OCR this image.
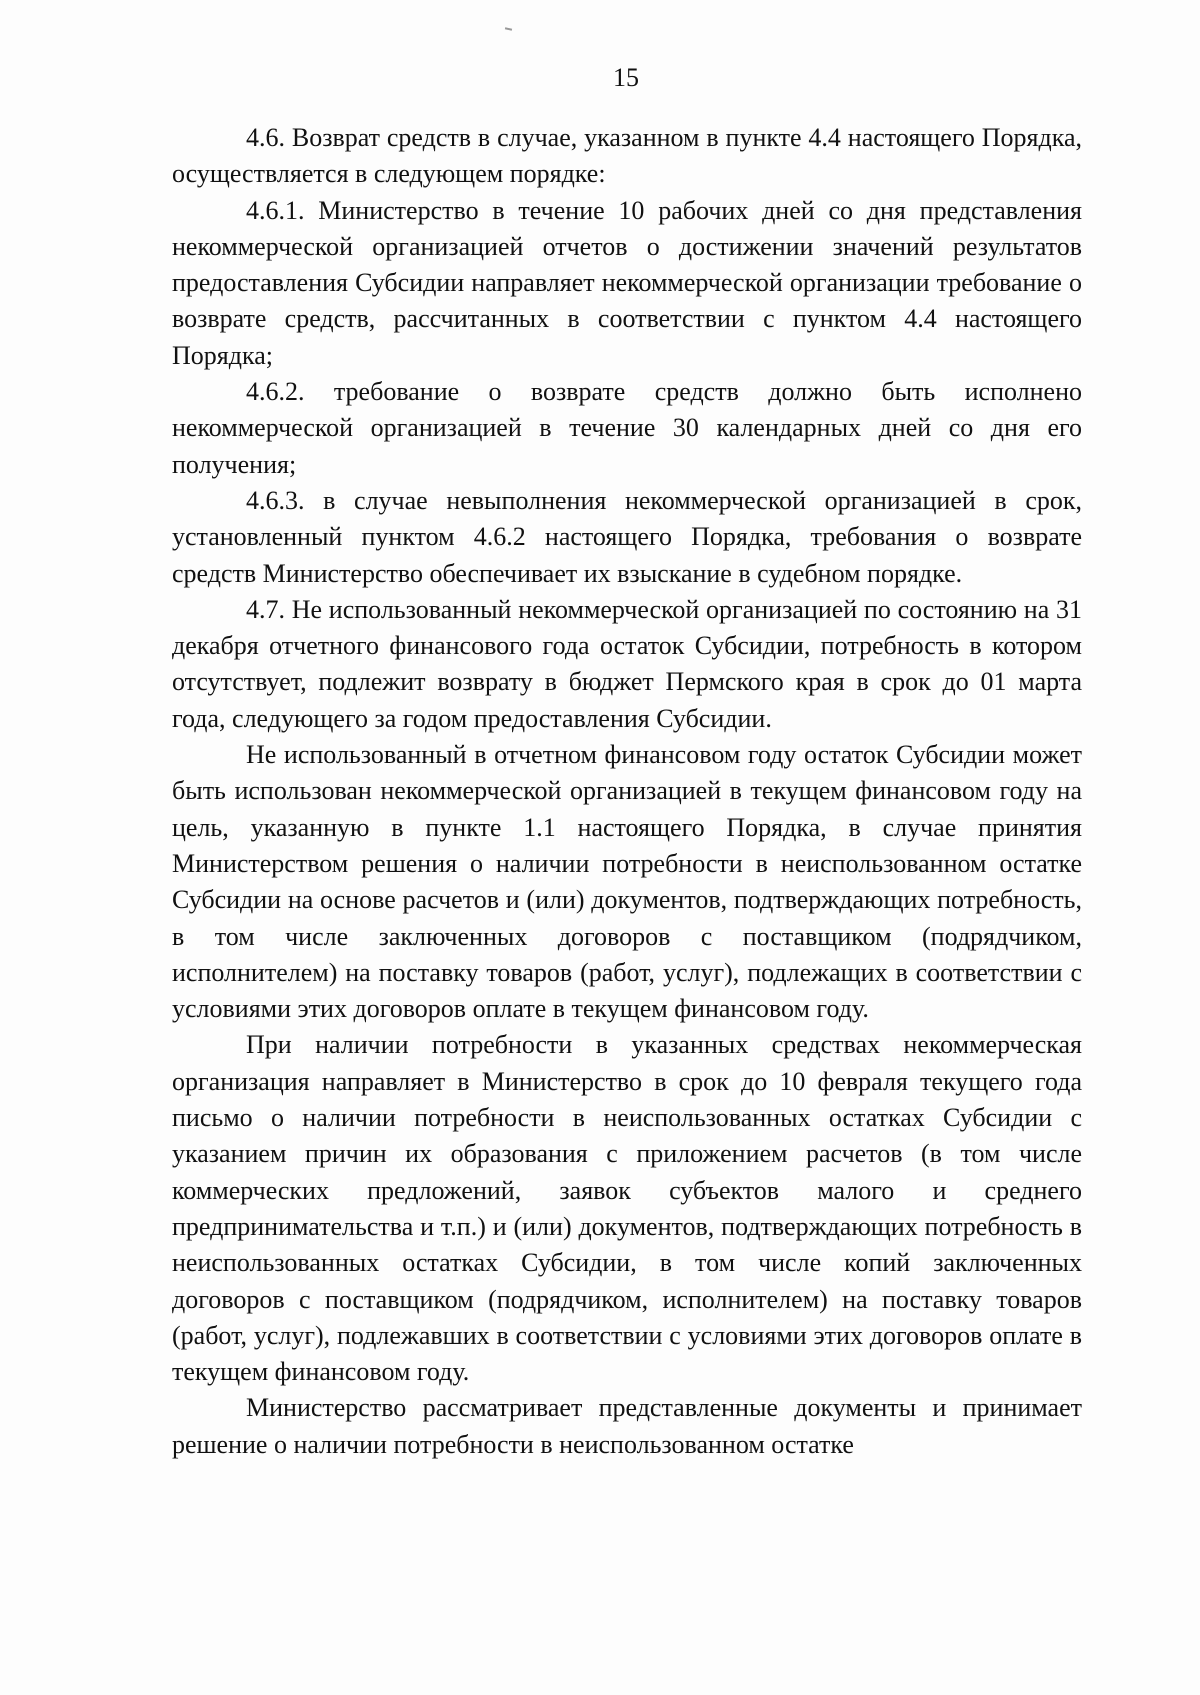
15

4.6. Возврат средств в случае, указанном в пункте 4.4 настоящего Порядка, осуществляется в следующем порядке:

4.6.1. Министерство в течение 10 рабочих дней со дня представления некоммерческой организацией отчетов о достижении значений результатов предоставления Субсидии направляет некоммерческой организации требование о возврате средств, рассчитанных в соответствии с пунктом 4.4 настоящего Порядка;

4.6.2. требование о возврате средств должно быть исполнено некоммерческой организацией в течение 30 календарных дней со дня его получения;

4.6.3. в случае невыполнения некоммерческой организацией в срок, установленный пунктом 4.6.2 настоящего Порядка, требования о возврате средств Министерство обеспечивает их взыскание в судебном порядке.

4.7. Не использованный некоммерческой организацией по состоянию на 31 декабря отчетного финансового года остаток Субсидии, потребность в котором отсутствует, подлежит возврату в бюджет Пермского края в срок до 01 марта года, следующего за годом предоставления Субсидии.

Не использованный в отчетном финансовом году остаток Субсидии может быть использован некоммерческой организацией в текущем финансовом году на цель, указанную в пункте 1.1 настоящего Порядка, в случае принятия Министерством решения о наличии потребности в неиспользованном остатке Субсидии на основе расчетов и (или) документов, подтверждающих потребность, в том числе заключенных договоров с поставщиком (подрядчиком, исполнителем) на поставку товаров (работ, услуг), подлежащих в соответствии с условиями этих договоров оплате в текущем финансовом году.

При наличии потребности в указанных средствах некоммерческая организация направляет в Министерство в срок до 10 февраля текущего года письмо о наличии потребности в неиспользованных остатках Субсидии с указанием причин их образования с приложением расчетов (в том числе коммерческих предложений, заявок субъектов малого и среднего предпринимательства и т.п.) и (или) документов, подтверждающих потребность в неиспользованных остатках Субсидии, в том числе копий заключенных договоров с поставщиком (подрядчиком, исполнителем) на поставку товаров (работ, услуг), подлежавших в соответствии с условиями этих договоров оплате в текущем финансовом году.

Министерство рассматривает представленные документы и принимает решение о наличии потребности в неиспользованном остатке
